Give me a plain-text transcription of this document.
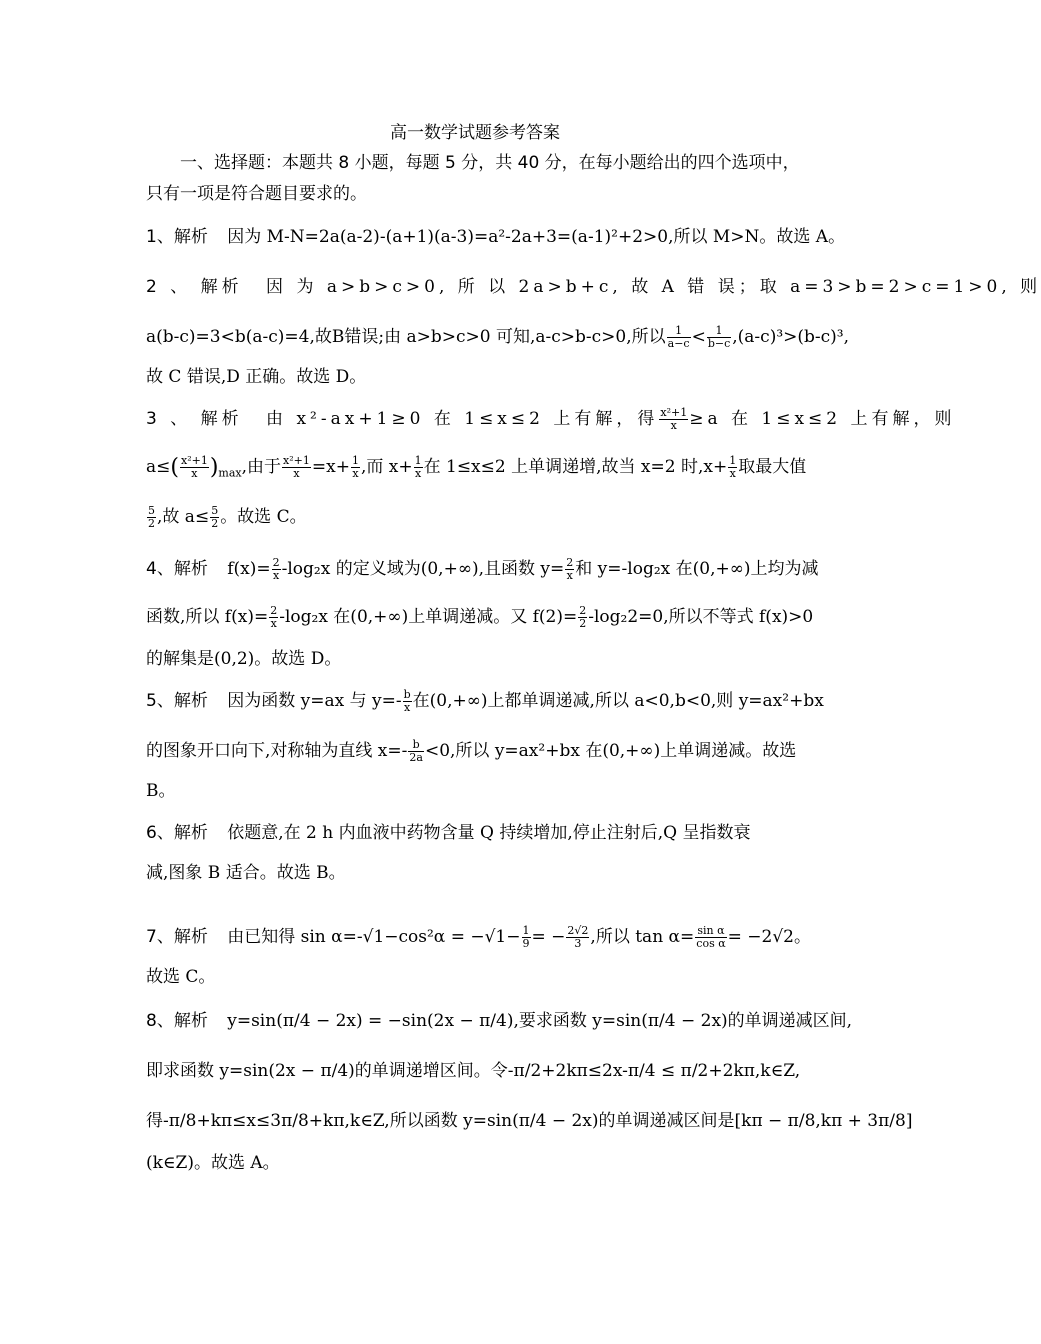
高一数学试题参考答案
一、选择题：本题共 8 小题，每题 5 分，共 40 分，在每小题给出的四个选项中，只有一项是符合题目要求的。
1、解析 因为 M-N=2a(a-2)-(a+1)(a-3)=a²-2a+3=(a-1)²+2>0,所以 M>N。故选 A。
2 、 解析 因 为 a>b>c>0, 所 以 2a>b+c, 故 A 错 误；取 a=3>b=2>c=1>0, 则
a(b-c)=3<b(a-c)=4,故B错误;由 a>b>c>0 可知,a-c>b-c>0,所以 $\frac{1}{a-c} < \frac{1}{b-c} ,(a-c)^3>(b-c)^3$,
故 C 错误,D 正确。故选 D。
3 、 解析 由 x²-ax+1≥0 在 1≤x≤2 上有解，得 $\frac{\text{x²+1}}{x} \ge a$ 在 1≤x≤2 上有解，则
$a\le( \frac{\text{x²+1}}{x} )_{max}$,由于 $\frac{\text{x²+1}}{x} =x+ \frac{1}{x}$ ,而 $x+ \frac{1}{x}$ 在 1≤x≤2 上单调递增,故当 x=2 时$,x+ \frac{1}{x}$ 取最大值
$\frac{5}{2}$ ,故 $a\le \frac{5}{2}$ 。故选 C。
4、解析 $f(x)= \frac{2}{x} -\log_2x$ 的定义域为(0,+∞),且函数 $y= \frac{2}{x}$ 和 y=-log₂x 在(0,+∞)上均为减
函数,所以 $f(x)= \frac{2}{x} -\log_2x$ 在(0,+∞)上单调递减。又 $f(2)= \frac{2}{2} -\log_22=0$,所以不等式 f(x)>0
的解集是(0,2)。故选 D。
5、解析 因为函数 y=ax 与 $y=- \frac{b}{x}$ 在(0,+∞)上都单调递减,所以 a<0,b<0,则 y=ax²+bx
的图象开口向下,对称轴为直线 $x=- \frac{b}{2a} <0$,所以 y=ax²+bx 在(0,+∞)上单调递减。故选
B。
6、解析 依题意,在 2 h 内血液中药物含量 Q 持续增加,停止注射后,Q 呈指数衰
减,图象 B 适合。故选 B。
7、解析 由已知得 $\sin \alpha=-√1-\cos^2\alpha = -√1- \frac{1}{9}$ = − $\frac{2√2}{3}$ ,所以 $\tan \alpha= \frac{\text{sin α}}{\text{cos α}} = -2√2$。
故选 C。
8、解析 y=sin(π/4 − 2x) = −sin(2x − π/4),要求函数 y=sin(π/4 − 2x)的单调递减区间,
即求函数 y=sin(2x − π/4)的单调递增区间。令-π/2+2kπ≤2x-π/4 ≤ π/2+2kπ,k∈Z,
得-π/8+kπ≤x≤3π/8+kπ,k∈Z,所以函数 y=sin(π/4 − 2x)的单调递减区间是[kπ − π/8,kπ + 3π/8]
(k∈Z)。故选 A。
